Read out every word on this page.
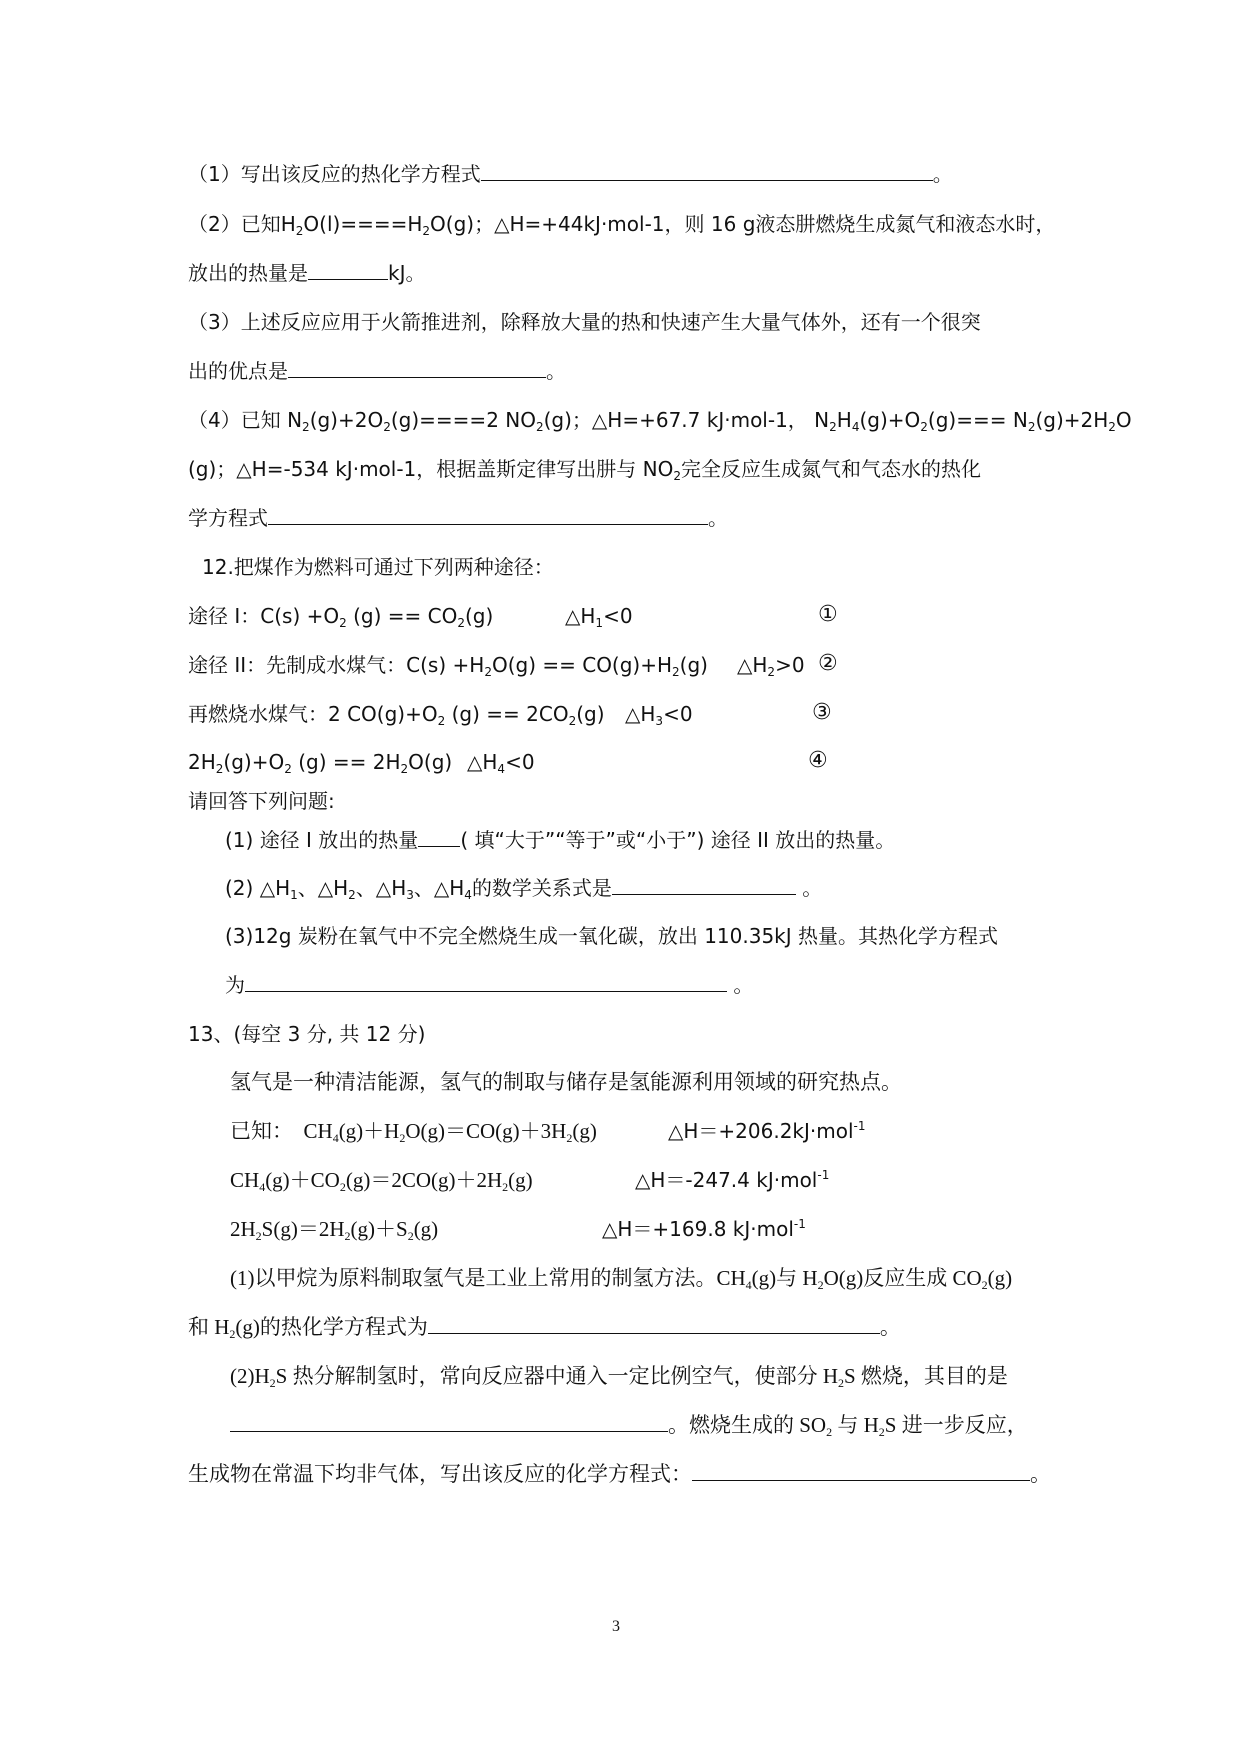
（1）写出该反应的热化学方程式	。
（2）已知$H_2O(l)====H_2O(g)$；△H=+44kJ·mol-1，则 16 g液态肼燃烧生成氮气和液态水时，
放出的热量是	kJ。
（3）上述反应应用于火箭推进剂，除释放大量的热和快速产生大量气体外，还有一个很突
出的优点是	。
（4）已知 $N_2(g)+2O_2(g)====2$ $NO_2(g)$；△H=+67.7 kJ·mol-1， $N_2H_4(g)+O_2(g)=== N_2(g)+2H_2O$
(g)；△H=-534 kJ·mol-1，根据盖斯定律写出肼与 $NO_2$完全反应生成氮气和气态水的热化
学方程式	。
12.把煤作为燃料可通过下列两种途径：
途径 I：$C(s) +O_2$ $(g) == CO_2(g)$	$\triangle H_1<0$	①
途径 II：先制成水煤气：$C(s) +H_2O(g) == CO(g)+H_2(g)$ $\triangle H_2>0$ ②
再燃烧水煤气：2 $CO(g)+O_2$ $(g) == 2CO_2(g)$ $\triangle H_3<0$	③
$2H_2(g)+O_2$ $(g) == 2H_2O(g)$ $\triangle H_4<0$	④
请回答下列问题:
(1) 途径 I 放出的热量 ( 填“大于”“等于”或“小于”) 途径 II 放出的热量。
(2) $\triangle H_1$、$\triangle H_2$、$\triangle H_3$、$\triangle H_4$的数学关系式是	。
(3)12g 炭粉在氧气中不完全燃烧生成一氧化碳，放出 110.35kJ 热量。其热化学方程式
为	。
13、(每空 3 分, 共 12 分)
氢气是一种清洁能源，氢气的制取与储存是氢能源利用领域的研究热点。
已知： $CH_4(g)+H_2O(g)=CO(g)+3H_2(g)$	△H＝+206.2kJ·mol$^{-1}$
$CH_4(g)+CO_2(g)=2CO(g)+2H_2(g)$	△H＝-247.4 kJ·mol$^{-1}$
$2H_2S(g)=2H_2(g)+S_2(g)$	△H＝+169.8 kJ·mol$^{-1}$
(1)以甲烷为原料制取氢气是工业上常用的制氢方法。$CH_4(g)$与 $H_2O(g)$反应生成 $CO_2(g)$
和 $H_2(g)$的热化学方程式为	。
$(2)H_2S$ 热分解制氢时，常向反应器中通入一定比例空气，使部分 $H_2S$ 燃烧，其目的是
。燃烧生成的 $SO_2$ 与 $H_2S$ 进一步反应，
生成物在常温下均非气体，写出该反应的化学方程式：	。
3
